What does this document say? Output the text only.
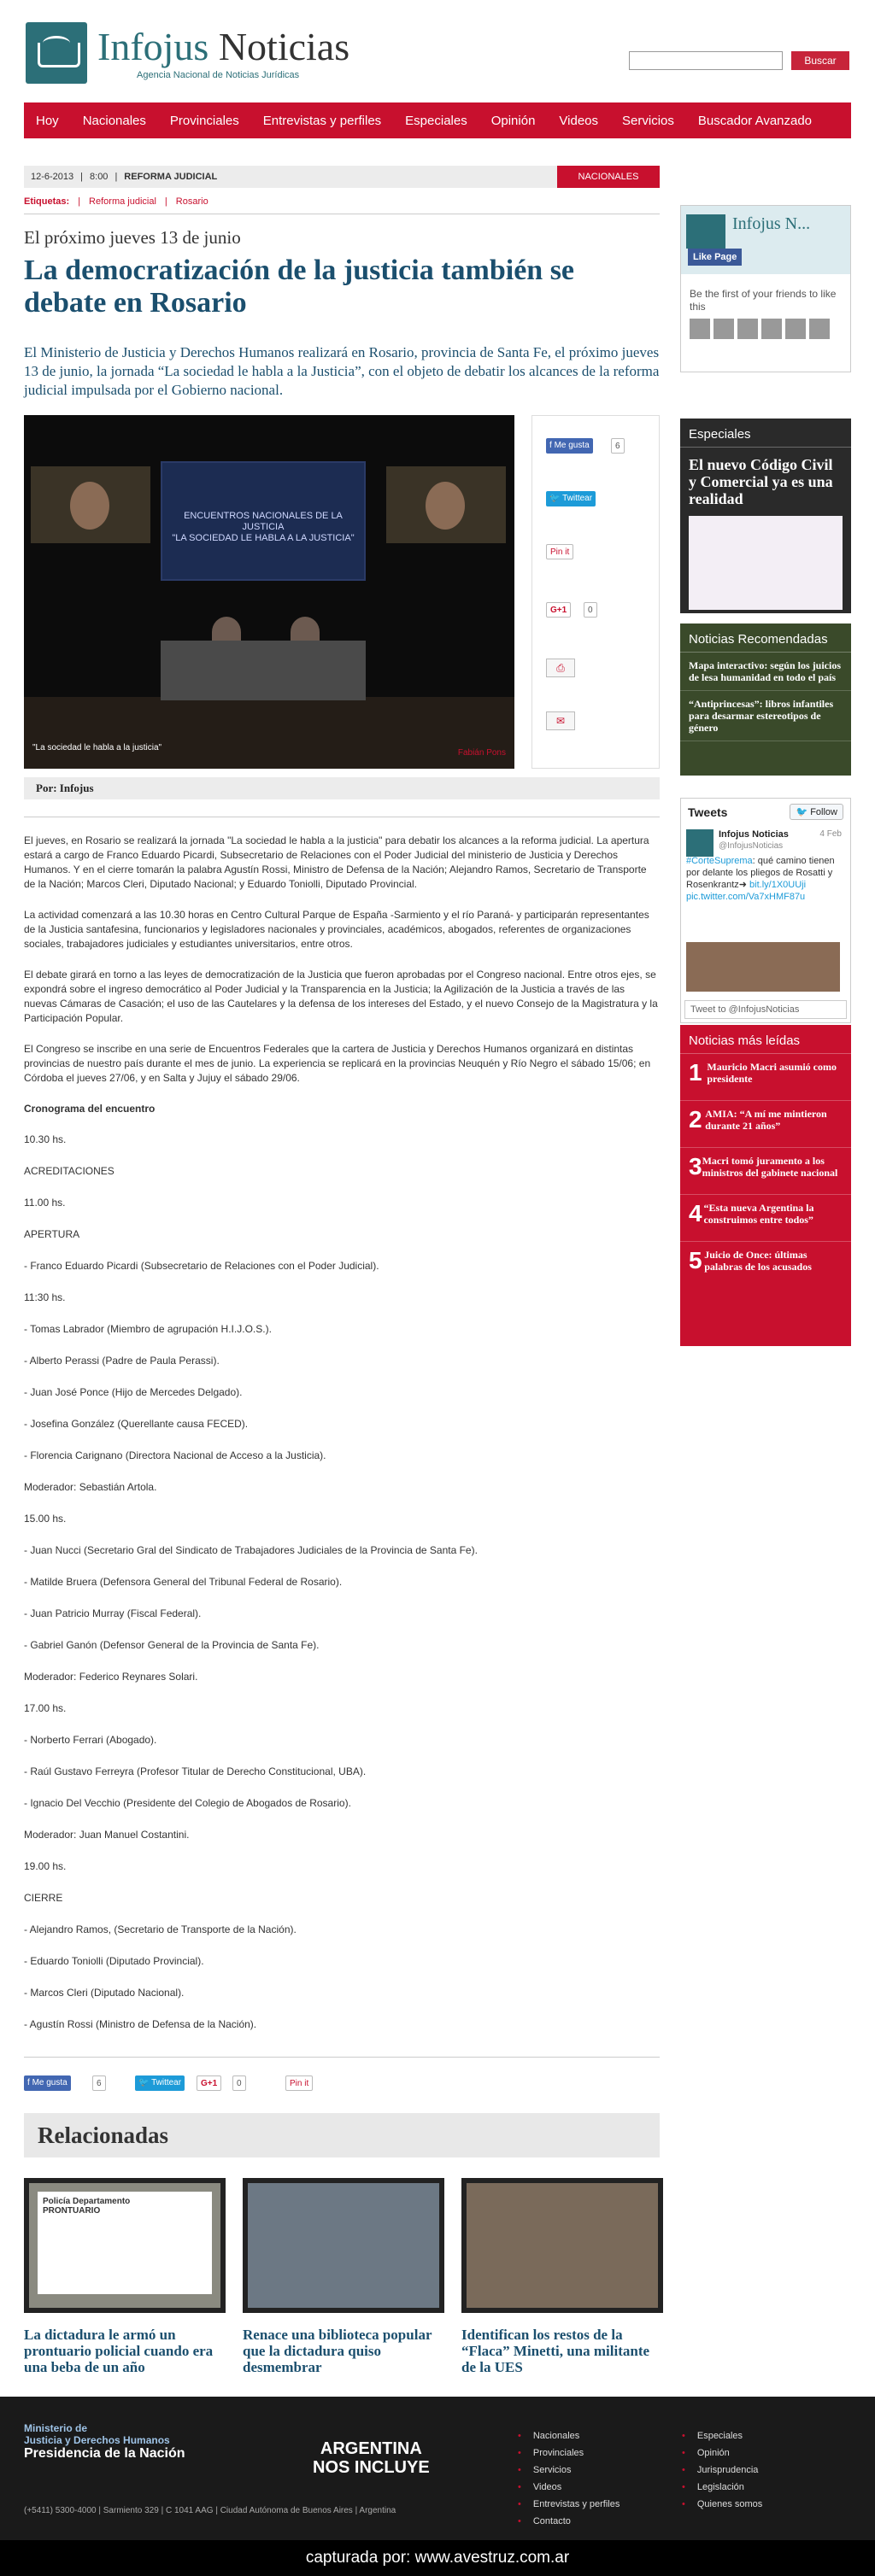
Infojus Noticias
Agencia Nacional de Noticias Jurídicas
Buscar
Hoy	Nacionales	Provinciales	Entrevistas y perfiles	Especiales	Opinión	Videos	Servicios	Buscador Avanzado
12-6-2013 | 8:00 | REFORMA JUDICIAL	NACIONALES
Etiquetas: | Reforma judicial | Rosario
El próximo jueves 13 de junio
La democratización de la justicia también se debate en Rosario

El Ministerio de Justicia y Derechos Humanos realizará en Rosario, provincia de Santa Fe, el próximo jueves 13 de junio, la jornada “La sociedad le habla a la Justicia”, con el objeto de debatir los alcances de la reforma judicial impulsada por el Gobierno nacional.

ENCUENTROS NACIONALES DE LA JUSTICIA
"LA SOCIEDAD LE HABLA A LA JUSTICIA"
"La sociedad le habla a la justicia"
Fabián Pons
f Me gusta	6
🐦 Twittear
Pin it
G+1	0
⎙
✉
Por: Infojus

El jueves, en Rosario se realizará la jornada "La sociedad le habla a la justicia" para debatir los alcances a la reforma judicial. La apertura estará a cargo de Franco Eduardo Picardi, Subsecretario de Relaciones con el Poder Judicial del ministerio de Justicia y Derechos Humanos. Y en el cierre tomarán la palabra Agustín Rossi, Ministro de Defensa de la Nación; Alejandro Ramos, Secretario de Transporte de la Nación; Marcos Cleri, Diputado Nacional; y Eduardo Toniolli, Diputado Provincial.

La actividad comenzará a las 10.30 horas en Centro Cultural Parque de España -Sarmiento y el río Paraná- y participarán representantes de la Justicia santafesina, funcionarios y legisladores nacionales y provinciales, académicos, abogados, referentes de organizaciones sociales, trabajadores judiciales y estudiantes universitarios, entre otros.

El debate girará en torno a las leyes de democratización de la Justicia que fueron aprobadas por el Congreso nacional. Entre otros ejes, se expondrá sobre el ingreso democrático al Poder Judicial y la Transparencia en la Justicia; la Agilización de la Justicia a través de las nuevas Cámaras de Casación; el uso de las Cautelares y la defensa de los intereses del Estado, y el nuevo Consejo de la Magistratura y la Participación Popular.

El Congreso se inscribe en una serie de Encuentros Federales que la cartera de Justicia y Derechos Humanos organizará en distintas provincias de nuestro país durante el mes de junio. La experiencia se replicará en la provincias Neuquén y Río Negro el sábado 15/06; en Córdoba el jueves 27/06, y en Salta y Jujuy el sábado 29/06.

Cronograma del encuentro

10.30 hs.

ACREDITACIONES

11.00 hs.

APERTURA

- Franco Eduardo Picardi (Subsecretario de Relaciones con el Poder Judicial).

11:30 hs.

- Tomas Labrador (Miembro de agrupación H.I.J.O.S.).

- Alberto Perassi (Padre de Paula Perassi).

- Juan José Ponce (Hijo de Mercedes Delgado).

- Josefina González (Querellante causa FECED).

- Florencia Carignano (Directora Nacional de Acceso a la Justicia).

Moderador: Sebastián Artola.

15.00 hs.

- Juan Nucci (Secretario Gral del Sindicato de Trabajadores Judiciales de la Provincia de Santa Fe).

- Matilde Bruera (Defensora General del Tribunal Federal de Rosario).

- Juan Patricio Murray (Fiscal Federal).

- Gabriel Ganón (Defensor General de la Provincia de Santa Fe).

Moderador: Federico Reynares Solari.

17.00 hs.

- Norberto Ferrari (Abogado).

- Raúl Gustavo Ferreyra (Profesor Titular de Derecho Constitucional, UBA).

- Ignacio Del Vecchio (Presidente del Colegio de Abogados de Rosario).

Moderador: Juan Manuel Costantini.

19.00 hs.

CIERRE

- Alejandro Ramos, (Secretario de Transporte de la Nación).

- Eduardo Toniolli (Diputado Provincial).

- Marcos Cleri (Diputado Nacional).

- Agustín Rossi (Ministro de Defensa de la Nación).

f Me gusta	6	🐦 Twittear	G+1	0	Pin it
Relacionadas
Policía Departamento
PRONTUARIO
La dictadura le armó un prontuario policial cuando era una beba de un año
Renace una biblioteca popular que la dictadura quiso desmembrar
Identifican los restos de la “Flaca” Minetti, una militante de la UES
Infojus N...
Like Page
Be the first of your friends to like this
Especiales
El nuevo Código Civil y Comercial ya es una realidad
Noticias Recomendadas
Mapa interactivo: según los juicios de lesa humanidad en todo el país
“Antiprincesas”: libros infantiles para desarmar estereotipos de género
Tweets	🐦 Follow
Infojus Noticias	4 Feb
@InfojusNoticias
#CorteSuprema: qué camino tienen por delante los pliegos de Rosatti y Rosenkrantz➜ bit.ly/1X0UUji pic.twitter.com/Va7xHMF87u
Tweet to @InfojusNoticias
Noticias más leídas
1 Mauricio Macri asumió como presidente
2 AMIA: “A mí me mintieron durante 21 años”
3 Macri tomó juramento a los ministros del gabinete nacional
4 “Esta nueva Argentina la construimos entre todos”
5 Juicio de Once: últimas palabras de los acusados
Ministerio de
Justicia y Derechos Humanos
Presidencia de la Nación	ARGENTINA
NOS INCLUYE
(+5411) 5300-4000 | Sarmiento 329 | C 1041 AAG | Ciudad Autónoma de Buenos Aires | Argentina
• Nacionales
• Provinciales
• Servicios
• Videos
• Entrevistas y perfiles
• Contacto
• Especiales
• Opinión
• Jurisprudencia
• Legislación
• Quienes somos
capturada por: www.avestruz.com.ar
